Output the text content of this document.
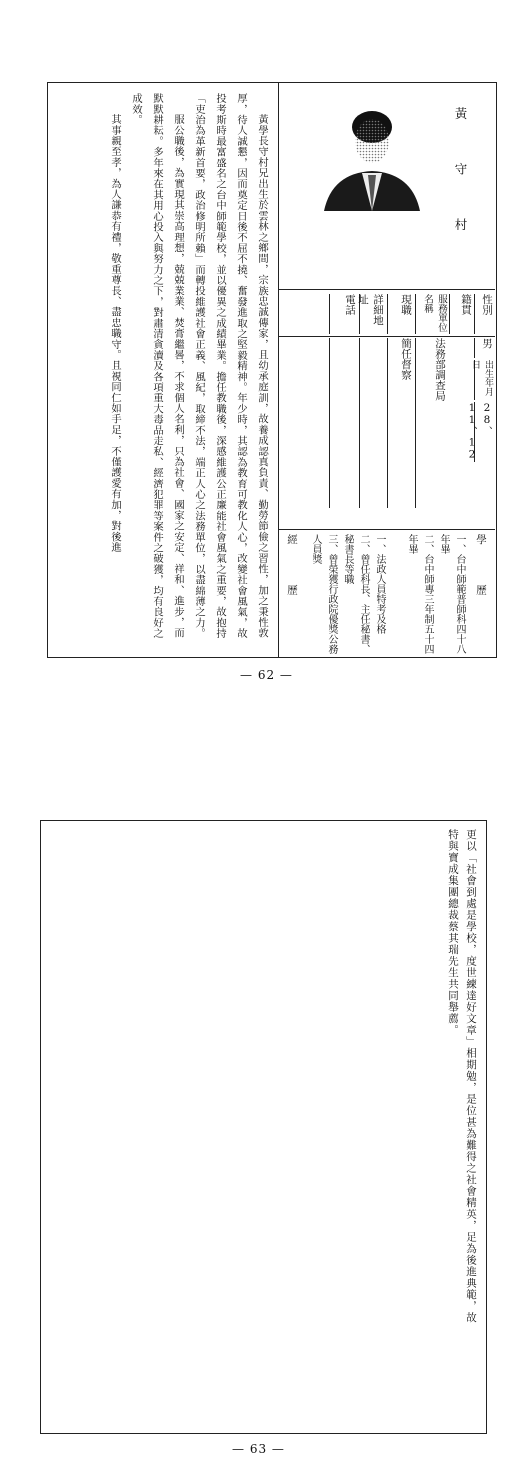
黃學長守村兄出生於雲林之鄉間，宗族忠誠傳家，且幼承庭訓，故養成認真負責、勤勞節儉之習性，加之秉性敦厚，待人誠懇，因而奠定日後不屈不撓、奮發進取之堅毅精神。年少時，其認為教育可教化人心，改變社會風氣，故投考斯時最富盛名之台中師範學校，並以優異之成績畢業。擔任教職後，深感維護公正廉能社會風氣之重要，故抱持「吏治為革新首要，政治修明所賴」而轉投維護社會正義、風紀，取締不法，端正人心之法務單位，以盡綿薄之力。
服公職後，為實現其崇高理想，兢兢業業、焚膏繼晷，不求個人名利，只為社會、國家之安定、祥和、進步，而默默耕耘。多年來在其用心投入與努力之下，對肅清貪瀆及各項重大毒品走私、經濟犯罪等案件之破獲，均有良好之成效。
其事親至孝，為人謙恭有禮，敬重尊長、盡忠職守。且視同仁如手足，不僅護愛有加，對後進	黃 守 村
性別
籍貫
服務單位名稱
現職
詳細地址
電話
男
出生年月日
28、11、12
法務部調查局
簡任督察
學歷
一、台中師範普師科四十八年畢
二、台中師專三年制五十四年畢
經歷	一、法政人員特考及格
二、曾任科長、主任秘書、秘書長等職
三、曾榮獲行政院優獎公務人員獎
— 62 —
更以「社會到處是學校，度世練達好文章」相期勉，是位甚為難得之社會精英，足為後進典範，故
特與寶成集團總裁蔡其瑞先生共同舉薦。
— 63 —
